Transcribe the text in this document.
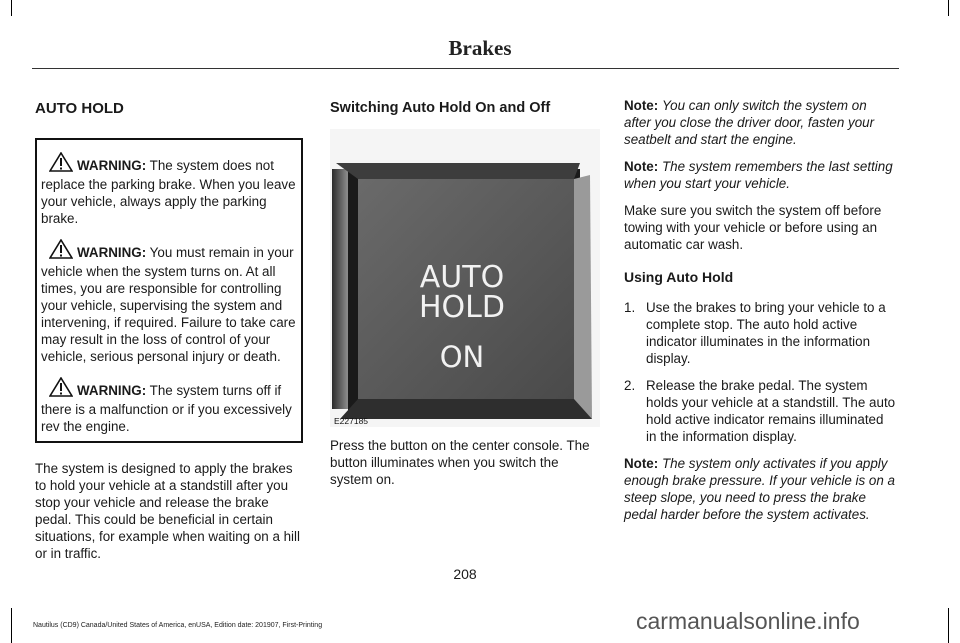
Brakes
AUTO HOLD
WARNING: The system does not replace the parking brake. When you leave your vehicle, always apply the parking brake.
WARNING: You must remain in your vehicle when the system turns on. At all times, you are responsible for controlling your vehicle, supervising the system and intervening, if required. Failure to take care may result in the loss of control of your vehicle, serious personal injury or death.
WARNING: The system turns off if there is a malfunction or if you excessively rev the engine.

The system is designed to apply the brakes to hold your vehicle at a standstill after you stop your vehicle and release the brake pedal. This could be beneficial in certain situations, for example when waiting on a hill or in traffic.

Switching Auto Hold On and Off
AUTO
HOLD
ON
E227185

Press the button on the center console. The button illuminates when you switch the system on.

Note: You can only switch the system on after you close the driver door, fasten your seatbelt and start the engine.

Note: The system remembers the last setting when you start your vehicle.

Make sure you switch the system off before towing with your vehicle or before using an automatic car wash.

Using Auto Hold
1. Use the brakes to bring your vehicle to a complete stop. The auto hold active indicator illuminates in the information display.
2. Release the brake pedal. The system holds your vehicle at a standstill. The auto hold active indicator remains illuminated in the information display.

Note: The system only activates if you apply enough brake pressure. If your vehicle is on a steep slope, you need to press the brake pedal harder before the system activates.

208
Nautilus (CD9) Canada/United States of America, enUSA, Edition date: 201907, First-Printing	carmanualsonline.info
